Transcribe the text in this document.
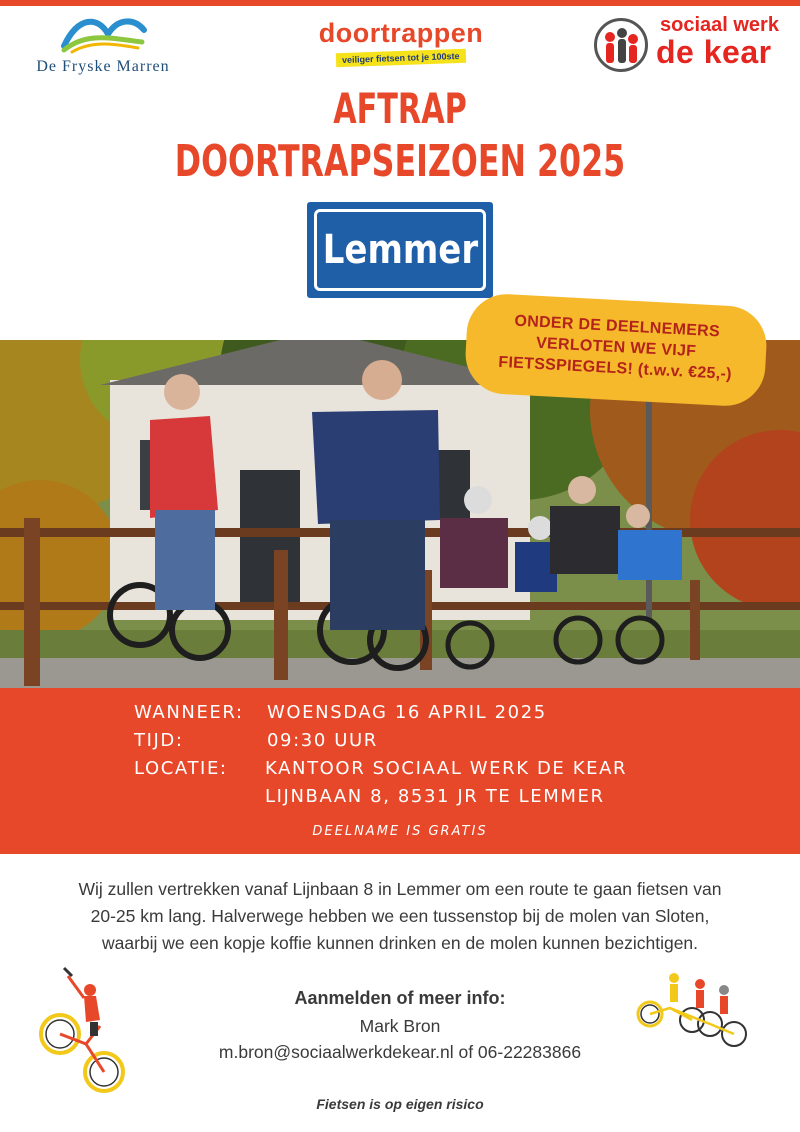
De Fryske Marren
doortrappen
veiliger fietsen tot je 100ste
sociaal werk
de kear
AFTRAP
DOORTRAPSEIZOEN 2025
Lemmer
ONDER DE DEELNEMERS
VERLOTEN WE VIJF
FIETSSPIEGELS! (t.w.v. €25,-)
WANNEER: WOENSDAG 16 APRIL 2025
TIJD:	09:30 UUR
LOCATIE: KANTOOR SOCIAAL WERK DE KEAR
LIJNBAAN 8, 8531 JR TE LEMMER
DEELNAME IS GRATIS
Wij zullen vertrekken vanaf Lijnbaan 8 in Lemmer om een route te gaan fietsen van
20-25 km lang. Halverwege hebben we een tussenstop bij de molen van Sloten,
waarbij we een kopje koffie kunnen drinken en de molen kunnen bezichtigen.
Aanmelden of meer info:
Mark Bron
m.bron@sociaalwerkdekear.nl of 06-22283866
Fietsen is op eigen risico
